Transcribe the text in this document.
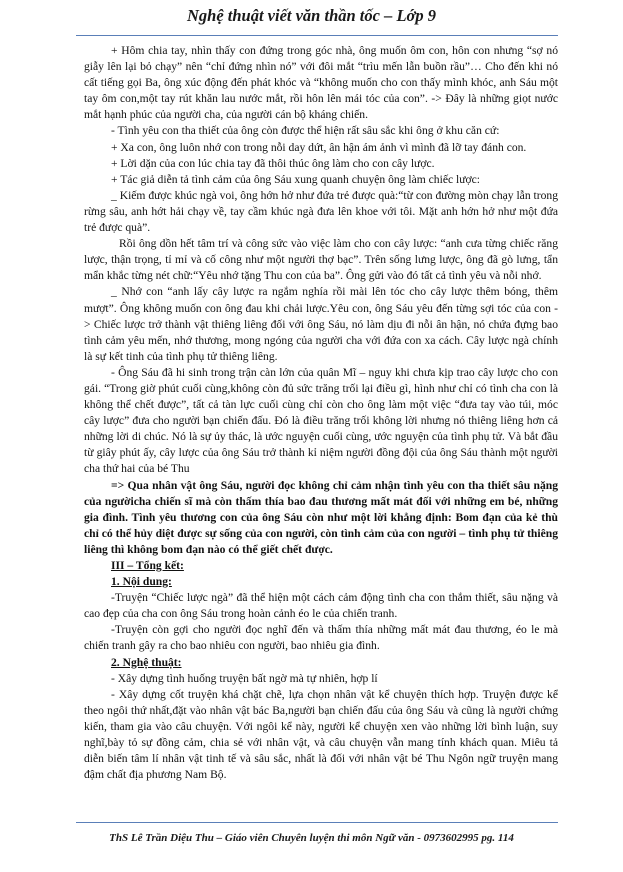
Nghệ thuật viết văn thần tốc – Lớp 9

+ Hôm chia tay, nhìn thấy con đứng trong góc nhà, ông muốn ôm con, hôn con nhưng “sợ nó giẫy lên lại bỏ chạy” nên “chỉ đứng nhìn nó” với đôi mắt “trìu mến lẫn buồn rầu”… Cho đến khi nó cất tiếng gọi Ba, ông xúc động đến phát khóc và “không muốn cho con thấy mình khóc, anh Sáu một tay ôm con,một tay rút khăn lau nước mắt, rồi hôn lên mái tóc của con”. -> Đây là những giọt nước mắt hạnh phúc của người cha, của người cán bộ kháng chiến.

- Tình yêu con tha thiết của ông còn được thể hiện rất sâu sắc khi ông ở khu căn cứ:

+ Xa con, ông luôn nhớ con trong nỗi day dứt, ân hận ám ảnh vì mình đã lỡ tay đánh con.

+ Lời dặn của con lúc chia tay đã thôi thúc ông làm cho con cây lược.

+ Tác giả diễn tả tình cảm của ông Sáu xung quanh chuyện ông làm chiếc lược:

_ Kiếm được khúc ngà voi, ông hớn hở như đứa trẻ được quà:“từ con đường mòn chạy lẫn trong rừng sâu, anh hớt hải chạy về, tay cầm khúc ngà đưa lên khoe với tôi. Mặt anh hớn hở như một đứa trẻ được quà”.

Rồi ông dồn hết tâm trí và công sức vào việc làm cho con cây lược: “anh cưa từng chiếc răng lược, thận trọng, tỉ mỉ và cố công như một người thợ bạc”. Trên sống lưng lược, ông đã gò lưng, tẩn mẩn khắc từng nét chữ:“Yêu nhớ tặng Thu con của ba”. Ông gửi vào đó tất cả tình yêu và nỗi nhớ.

_ Nhớ con “anh lấy cây lược ra ngắm nghía rồi mài lên tóc cho cây lược thêm bóng, thêm mượt”. Ông không muốn con ông đau khi chải lược.Yêu con, ông Sáu yêu đến từng sợi tóc của con -> Chiếc lược trở thành vật thiêng liêng đối với ông Sáu, nó làm dịu đi nỗi ân hận, nó chứa đựng bao tình cảm yêu mến, nhớ thương, mong ngóng của người cha với đứa con xa cách. Cây lược ngà chính là sự kết tinh của tình phụ tử thiêng liêng.

- Ông Sáu đã hi sinh trong trận càn lớn của quân Mĩ – nguy khi chưa kịp trao cây lược cho con gái. “Trong giờ phút cuối cùng,không còn đủ sức trăng trối lại điều gì, hình như chỉ có tình cha con là không thể chết được”, tất cả tàn lực cuối cùng chỉ còn cho ông làm một việc “đưa tay vào túi, móc cây lược” đưa cho người bạn chiến đấu. Đó là điều trăng trối không lời nhưng nó thiêng liêng hơn cả những lời di chúc. Nó là sự ủy thác, là ước nguyện cuối cùng, ước nguyện của tình phụ tử. Và bắt đầu từ giây phút ấy, cây lược của ông Sáu trở thành kỉ niệm người đồng đội của ông Sáu thành một người cha thứ hai của bé Thu

=> Qua nhân vật ông Sáu, người đọc không chỉ cảm nhận tình yêu con tha thiết sâu nặng của ngườicha chiến sĩ mà còn thấm thía bao đau thương mất mát đối với những em bé, những gia đình. Tình yêu thương con của ông Sáu còn như một lời khẳng định: Bom đạn của kẻ thù chỉ có thể hủy diệt được sự sống của con người, còn tình cảm của con người – tình phụ tử thiêng liêng thì không bom đạn nào có thể giết chết được.

III – Tổng kết:

1. Nội dung:

-Truyện “Chiếc lược ngà” đã thể hiện một cách cảm động tình cha con thắm thiết, sâu nặng và cao đẹp của cha con ông Sáu trong hoàn cảnh éo le của chiến tranh.

-Truyện còn gợi cho người đọc nghĩ đến và thấm thía những mất mát đau thương, éo le mà chiến tranh gây ra cho bao nhiêu con người, bao nhiêu gia đình.

2. Nghệ thuật:

- Xây dựng tình huống truyện bất ngờ mà tự nhiên, hợp lí

- Xây dựng cốt truyện khá chặt chẽ, lựa chọn nhân vật kể chuyện thích hợp. Truyện được kể theo ngôi thứ nhất,đặt vào nhân vật bác Ba,người bạn chiến đấu của ông Sáu và cũng là người chứng kiến, tham gia vào câu chuyện. Với ngôi kể này, người kể chuyện xen vào những lời bình luận, suy nghĩ,bày tỏ sự đồng cảm, chia sẻ với nhân vật, và câu chuyện vẫn mang tính khách quan. Miêu tả diễn biến tâm lí nhân vật tinh tế và sâu sắc, nhất là đối với nhân vật bé Thu Ngôn ngữ truyện mang đậm chất địa phương Nam Bộ.

ThS Lê Trần Diệu Thu – Giáo viên Chuyên luyện thi môn Ngữ văn - 0973602995 pg. 114
